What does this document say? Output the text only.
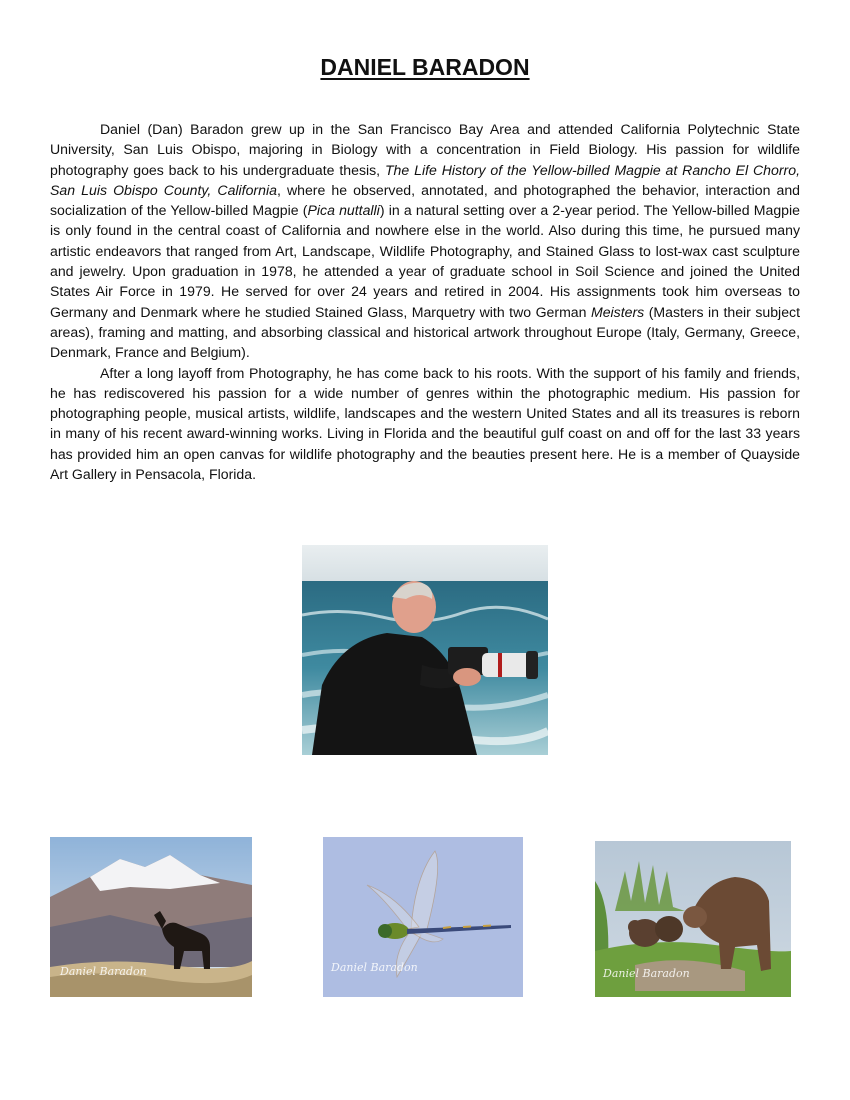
DANIEL BARADON

Daniel (Dan) Baradon grew up in the San Francisco Bay Area and attended California Polytechnic State University, San Luis Obispo, majoring in Biology with a concentration in Field Biology. His passion for wildlife photography goes back to his undergraduate thesis, The Life History of the Yellow-billed Magpie at Rancho El Chorro, San Luis Obispo County, California, where he observed, annotated, and photographed the behavior, interaction and socialization of the Yellow-billed Magpie (Pica nuttalli) in a natural setting over a 2-year period. The Yellow-billed Magpie is only found in the central coast of California and nowhere else in the world. Also during this time, he pursued many artistic endeavors that ranged from Art, Landscape, Wildlife Photography, and Stained Glass to lost-wax cast sculpture and jewelry. Upon graduation in 1978, he attended a year of graduate school in Soil Science and joined the United States Air Force in 1979. He served for over 24 years and retired in 2004. His assignments took him overseas to Germany and Denmark where he studied Stained Glass, Marquetry with two German Meisters (Masters in their subject areas), framing and matting, and absorbing classical and historical artwork throughout Europe (Italy, Germany, Greece, Denmark, France and Belgium).

After a long layoff from Photography, he has come back to his roots. With the support of his family and friends, he has rediscovered his passion for a wide number of genres within the photographic medium. His passion for photographing people, musical artists, wildlife, landscapes and the western United States and all its treasures is reborn in many of his recent award-winning works. Living in Florida and the beautiful gulf coast on and off for the last 33 years has provided him an open canvas for wildlife photography and the beauties present here. He is a member of Quayside Art Gallery in Pensacola, Florida.

Daniel Baradon	Daniel Baradon	Daniel Baradon
